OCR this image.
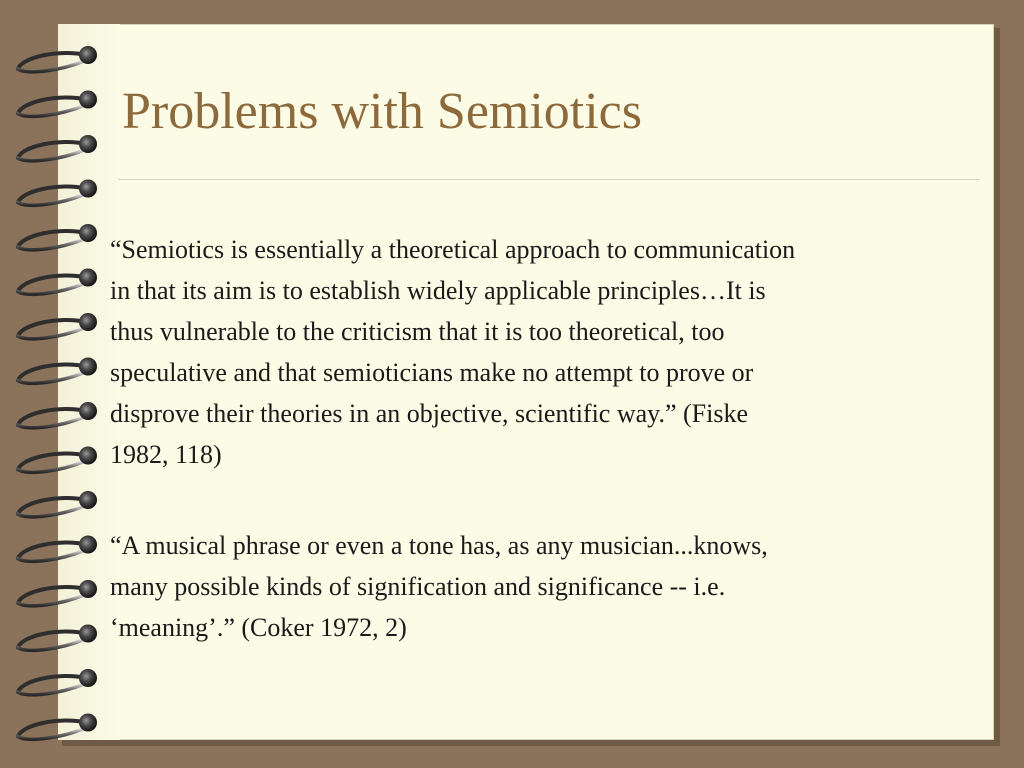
Problems with Semiotics
“Semiotics is essentially a theoretical approach to communication
in that its aim is to establish widely applicable principles…It is
thus vulnerable to the criticism that it is too theoretical, too
speculative and that semioticians make no attempt to prove or
disprove their theories in an objective, scientific way.” (Fiske
1982, 118)
“A musical phrase or even a tone has, as any musician...knows,
many possible kinds of signification and significance -- i.e.
‘meaning’.” (Coker 1972, 2)
